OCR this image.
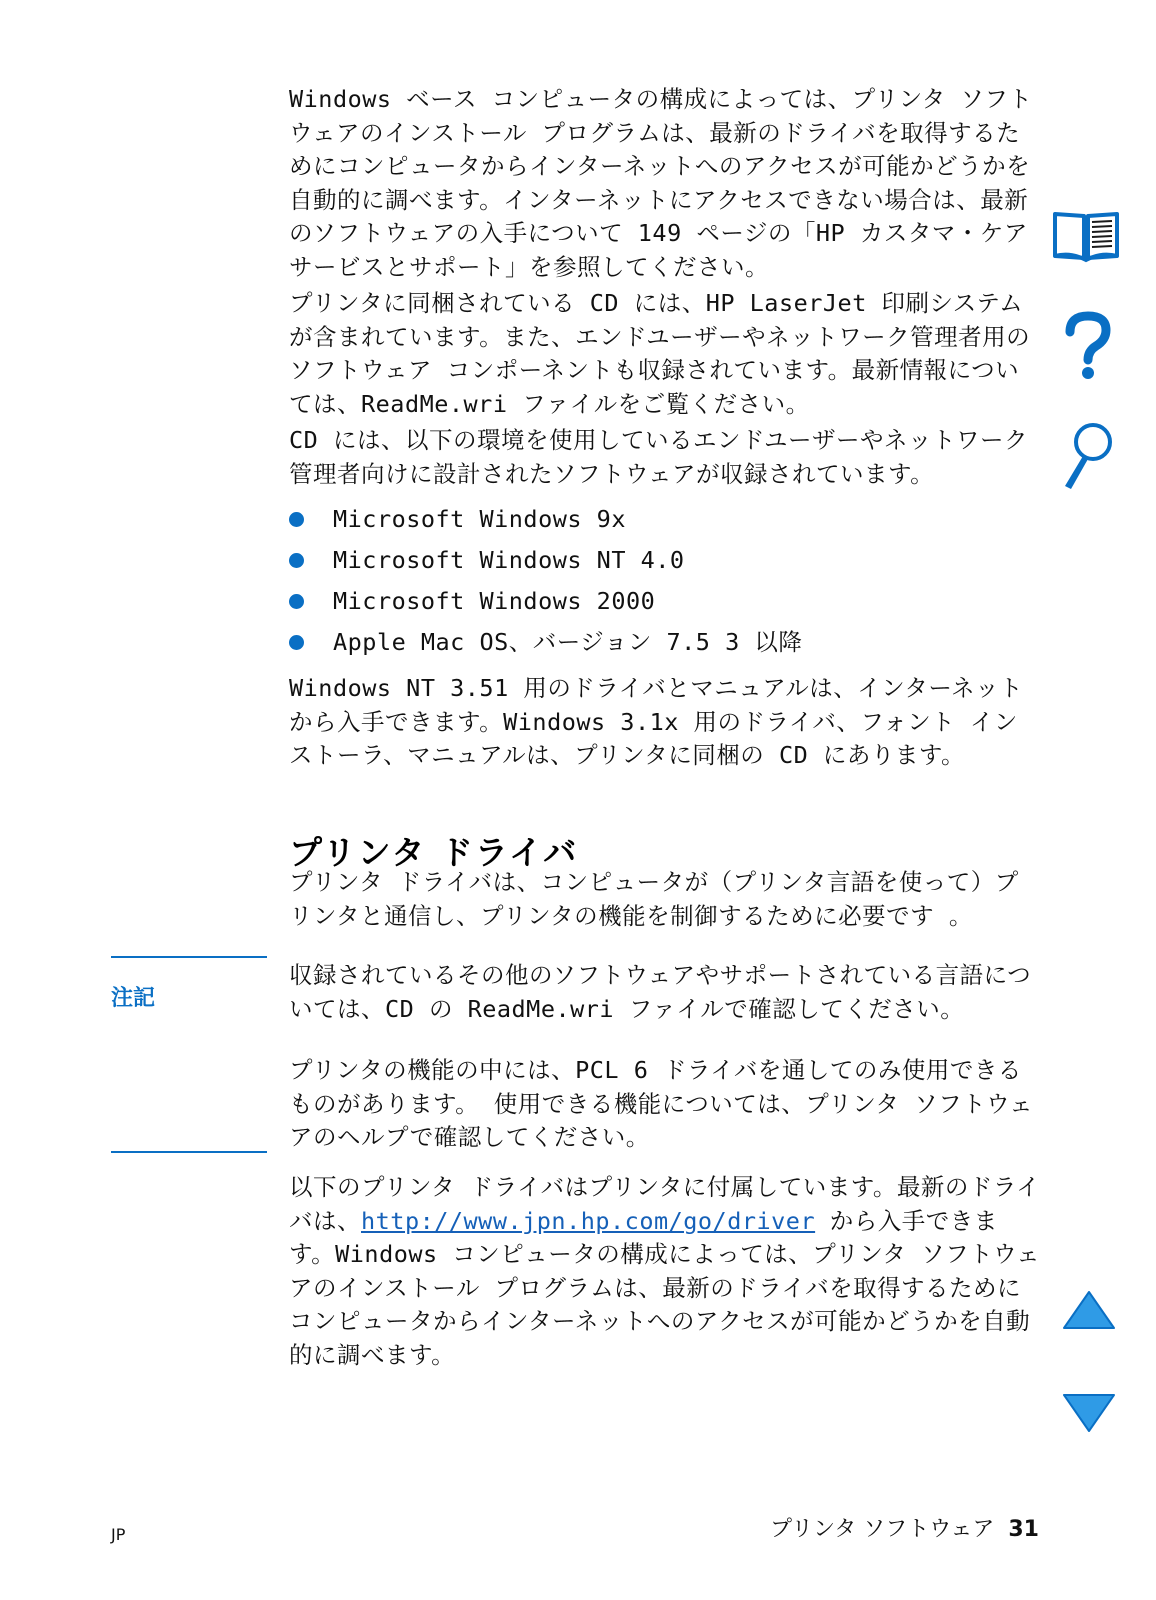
Windows ベース コンピュータの構成によっては、プリンタ ソフトウェアのインストール プログラムは、最新のドライバを取得するためにコンピュータからインターネットへのアクセスが可能かどうかを自動的に調べます。インターネットにアクセスできない場合は、最新のソフトウェアの入手について 149 ページの「HP カスタマ・ケア サービスとサポート」を参照してください。

プリンタに同梱されている CD には、HP LaserJet 印刷システムが含まれています。また、エンドユーザーやネットワーク管理者用のソフトウェア コンポーネントも収録されています。最新情報については、ReadMe.wri ファイルをご覧ください。

CD には、以下の環境を使用しているエンドユーザーやネットワーク管理者向けに設計されたソフトウェアが収録されています。

Microsoft Windows 9x
Microsoft Windows NT 4.0
Microsoft Windows 2000
Apple Mac OS、バージョン 7.5 3 以降

Windows NT 3.51 用のドライバとマニュアルは、インターネットから入手できます。Windows 3.1x 用のドライバ、フォント インストーラ、マニュアルは、プリンタに同梱の CD にあります。

プリンタ ドライバ

プリンタ ドライバは、コンピュータが（プリンタ言語を使って）プリンタと通信し、プリンタの機能を制御するために必要です 。

注記

収録されているその他のソフトウェアやサポートされている言語については、CD の ReadMe.wri ファイルで確認してください。

プリンタの機能の中には、PCL 6 ドライバを通してのみ使用できるものがあります。 使用できる機能については、プリンタ ソフトウェアのヘルプで確認してください。

以下のプリンタ ドライバはプリンタに付属しています。最新のドライバは、http://www.jpn.hp.com/go/driver から入手できます。Windows コンピュータの構成によっては、プリンタ ソフトウェアのインストール プログラムは、最新のドライバを取得するためにコンピュータからインターネットへのアクセスが可能かどうかを自動的に調べます。

JP	プリンタ ソフトウェア 31
